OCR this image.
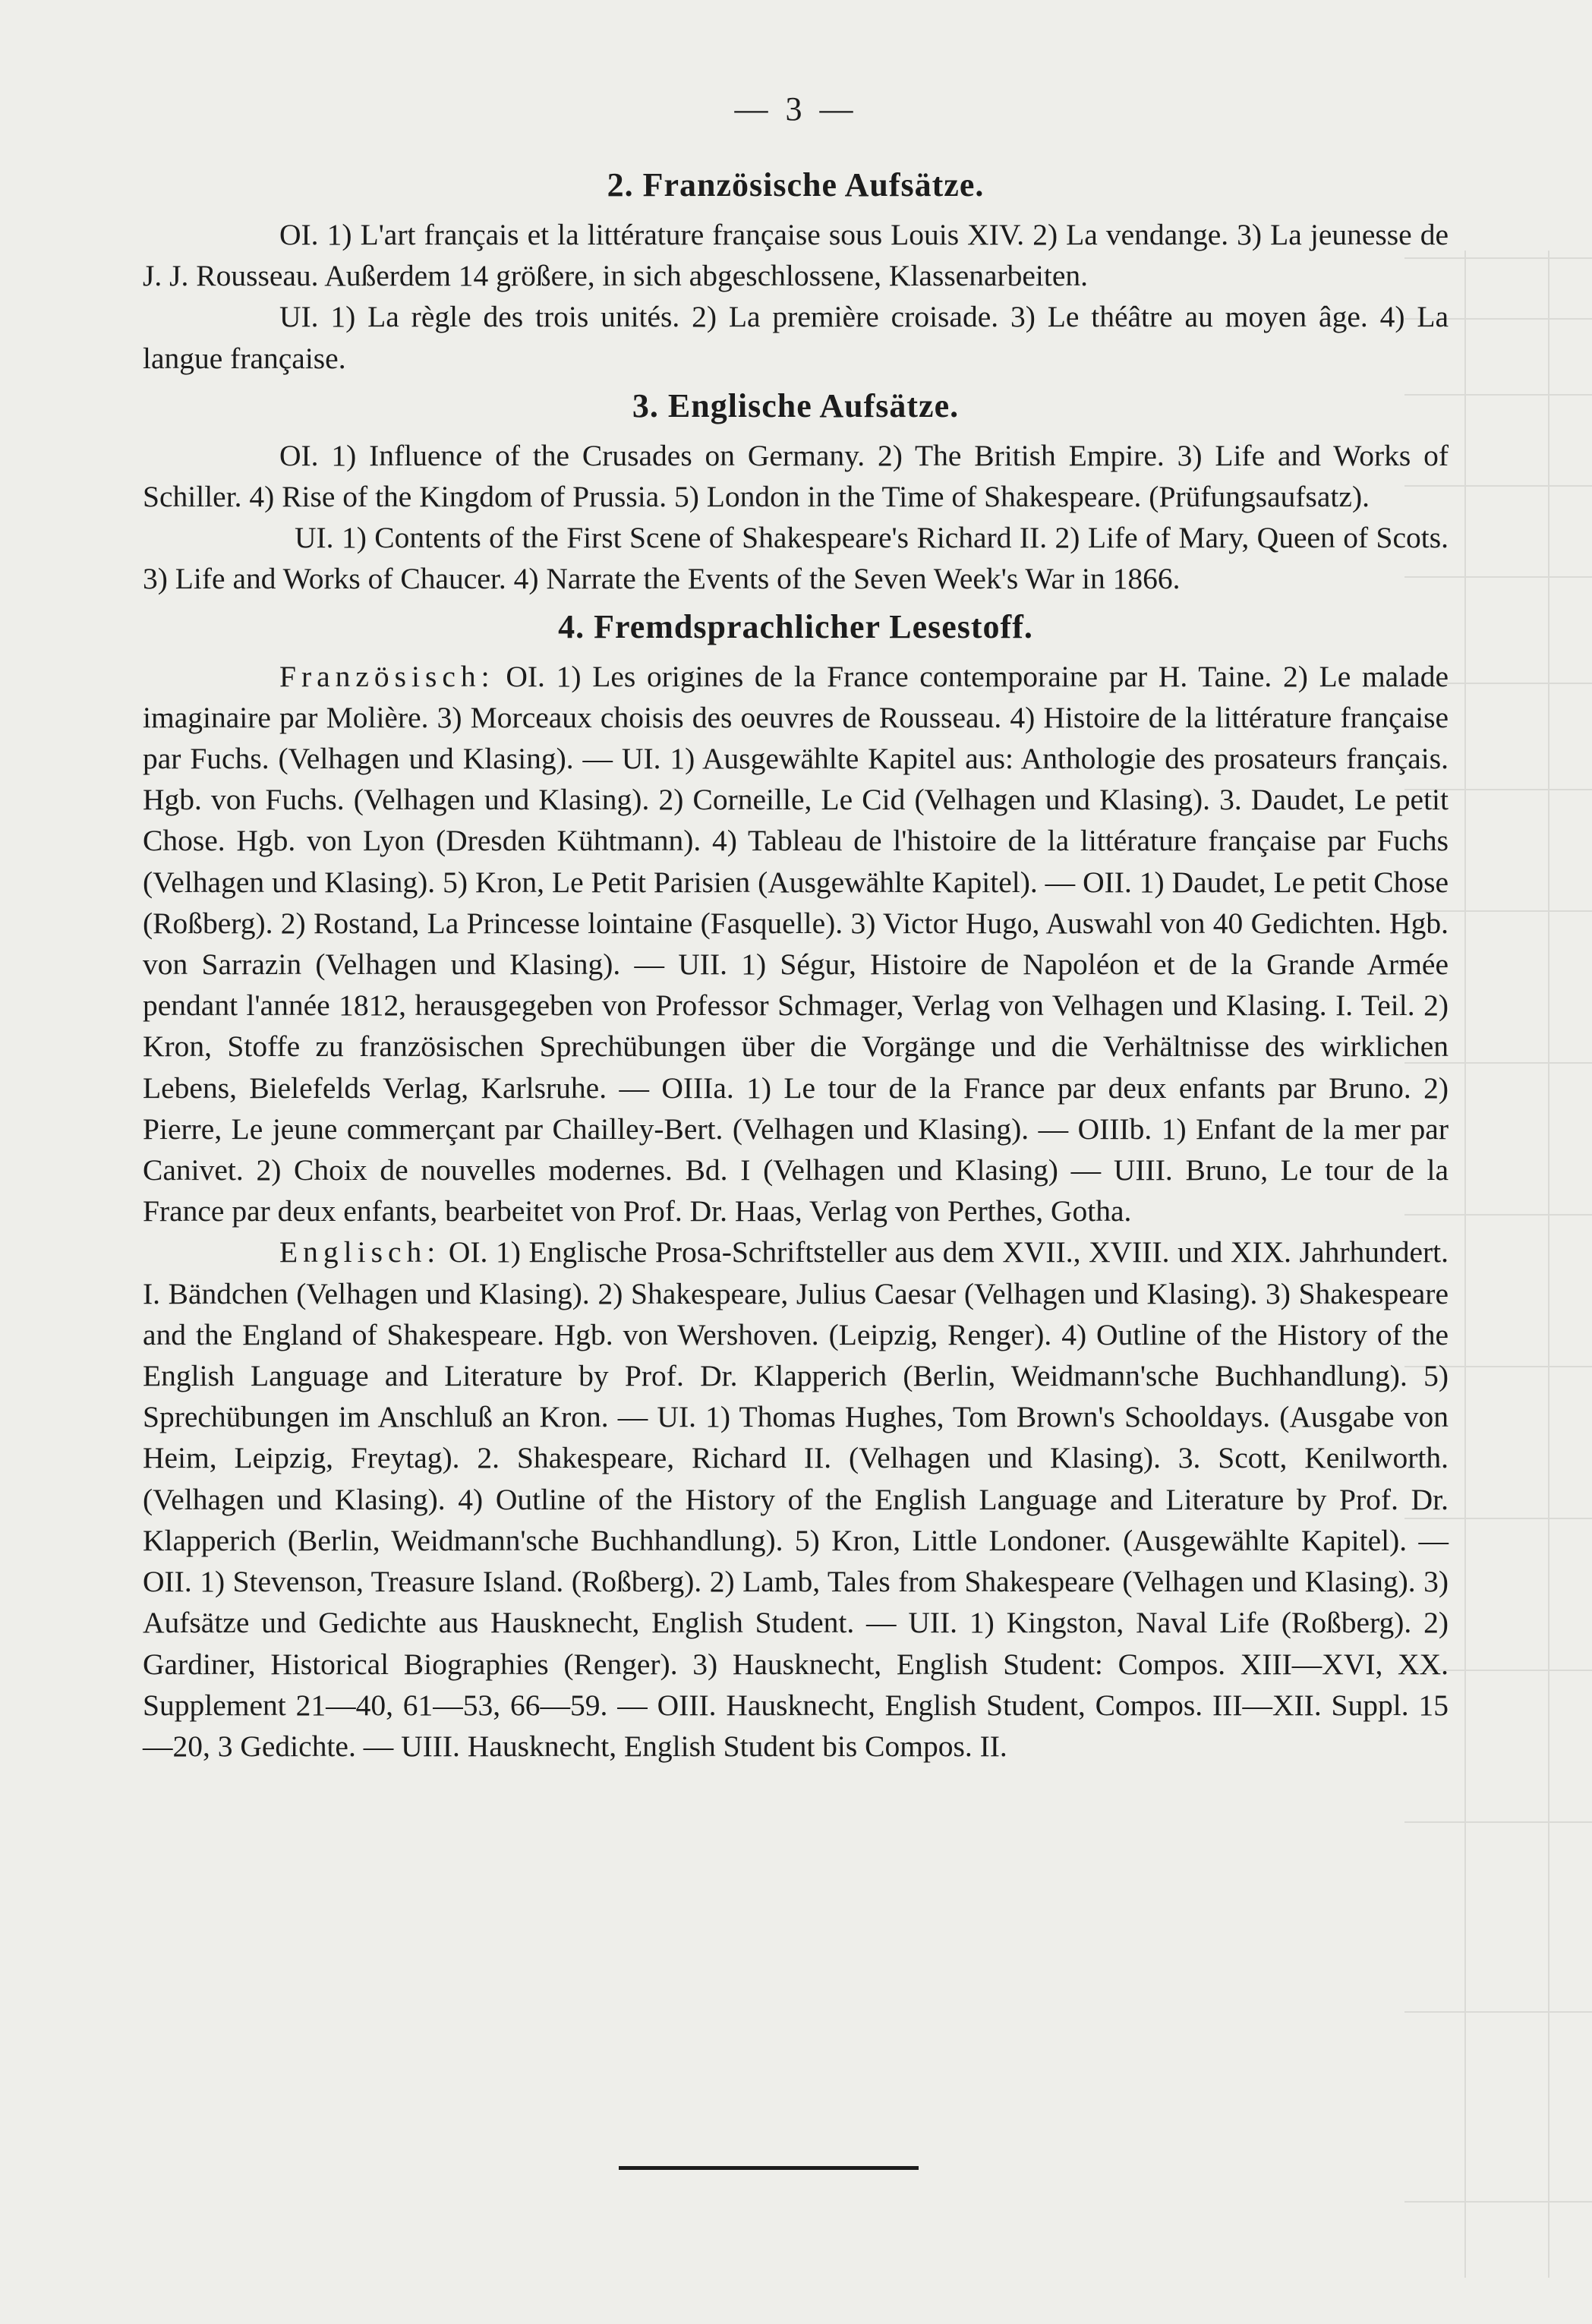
— 3 —
2. Französische Aufsätze.

OI. 1) L'art français et la littérature française sous Louis XIV. 2) La vendange. 3) La jeunesse de J. J. Rousseau. Außerdem 14 größere, in sich abgeschlossene, Klassenarbeiten.

UI. 1) La règle des trois unités. 2) La première croisade. 3) Le théâtre au moyen âge. 4) La langue française.

3. Englische Aufsätze.

OI. 1) Influence of the Crusades on Germany. 2) The British Empire. 3) Life and Works of Schiller. 4) Rise of the Kingdom of Prussia. 5) London in the Time of Shakespeare. (Prüfungsaufsatz).

UI. 1) Contents of the First Scene of Shakespeare's Richard II. 2) Life of Mary, Queen of Scots. 3) Life and Works of Chaucer. 4) Narrate the Events of the Seven Week's War in 1866.

4. Fremdsprachlicher Lesestoff.

Französisch: OI. 1) Les origines de la France contemporaine par H. Taine. 2) Le malade imaginaire par Molière. 3) Morceaux choisis des oeuvres de Rousseau. 4) Histoire de la littérature française par Fuchs. (Velhagen und Klasing). — UI. 1) Ausgewählte Kapitel aus: Anthologie des prosateurs français. Hgb. von Fuchs. (Velhagen und Klasing). 2) Corneille, Le Cid (Velhagen und Klasing). 3. Daudet, Le petit Chose. Hgb. von Lyon (Dresden Kühtmann). 4) Tableau de l'histoire de la littérature française par Fuchs (Velhagen und Klasing). 5) Kron, Le Petit Parisien (Ausgewählte Kapitel). — OII. 1) Daudet, Le petit Chose (Roßberg). 2) Rostand, La Princesse lointaine (Fasquelle). 3) Victor Hugo, Auswahl von 40 Gedichten. Hgb. von Sarrazin (Velhagen und Klasing). — UII. 1) Ségur, Histoire de Napoléon et de la Grande Armée pendant l'année 1812, herausgegeben von Professor Schmager, Verlag von Velhagen und Klasing. I. Teil. 2) Kron, Stoffe zu französischen Sprechübungen über die Vorgänge und die Verhältnisse des wirklichen Lebens, Bielefelds Verlag, Karlsruhe. — OIIIa. 1) Le tour de la France par deux enfants par Bruno. 2) Pierre, Le jeune commerçant par Chailley-Bert. (Velhagen und Klasing). — OIIIb. 1) Enfant de la mer par Canivet. 2) Choix de nouvelles modernes. Bd. I (Velhagen und Klasing) — UIII. Bruno, Le tour de la France par deux enfants, bearbeitet von Prof. Dr. Haas, Verlag von Perthes, Gotha.

Englisch: OI. 1) Englische Prosa-Schriftsteller aus dem XVII., XVIII. und XIX. Jahrhundert. I. Bändchen (Velhagen und Klasing). 2) Shakespeare, Julius Caesar (Velhagen und Klasing). 3) Shakespeare and the England of Shakespeare. Hgb. von Wershoven. (Leipzig, Renger). 4) Outline of the History of the English Language and Literature by Prof. Dr. Klapperich (Berlin, Weidmann'sche Buchhandlung). 5) Sprechübungen im Anschluß an Kron. — UI. 1) Thomas Hughes, Tom Brown's Schooldays. (Ausgabe von Heim, Leipzig, Freytag). 2. Shakespeare, Richard II. (Velhagen und Klasing). 3. Scott, Kenilworth. (Velhagen und Klasing). 4) Outline of the History of the English Language and Literature by Prof. Dr. Klapperich (Berlin, Weidmann'sche Buchhandlung). 5) Kron, Little Londoner. (Ausgewählte Kapitel). — OII. 1) Stevenson, Treasure Island. (Roßberg). 2) Lamb, Tales from Shakespeare (Velhagen und Klasing). 3) Aufsätze und Gedichte aus Hausknecht, English Student. — UII. 1) Kingston, Naval Life (Roßberg). 2) Gardiner, Historical Biographies (Renger). 3) Hausknecht, English Student: Compos. XIII—XVI, XX. Supplement 21—40, 61—53, 66—59. — OIII. Hausknecht, English Student, Compos. III—XII. Suppl. 15—20, 3 Gedichte. — UIII. Hausknecht, English Student bis Compos. II.
